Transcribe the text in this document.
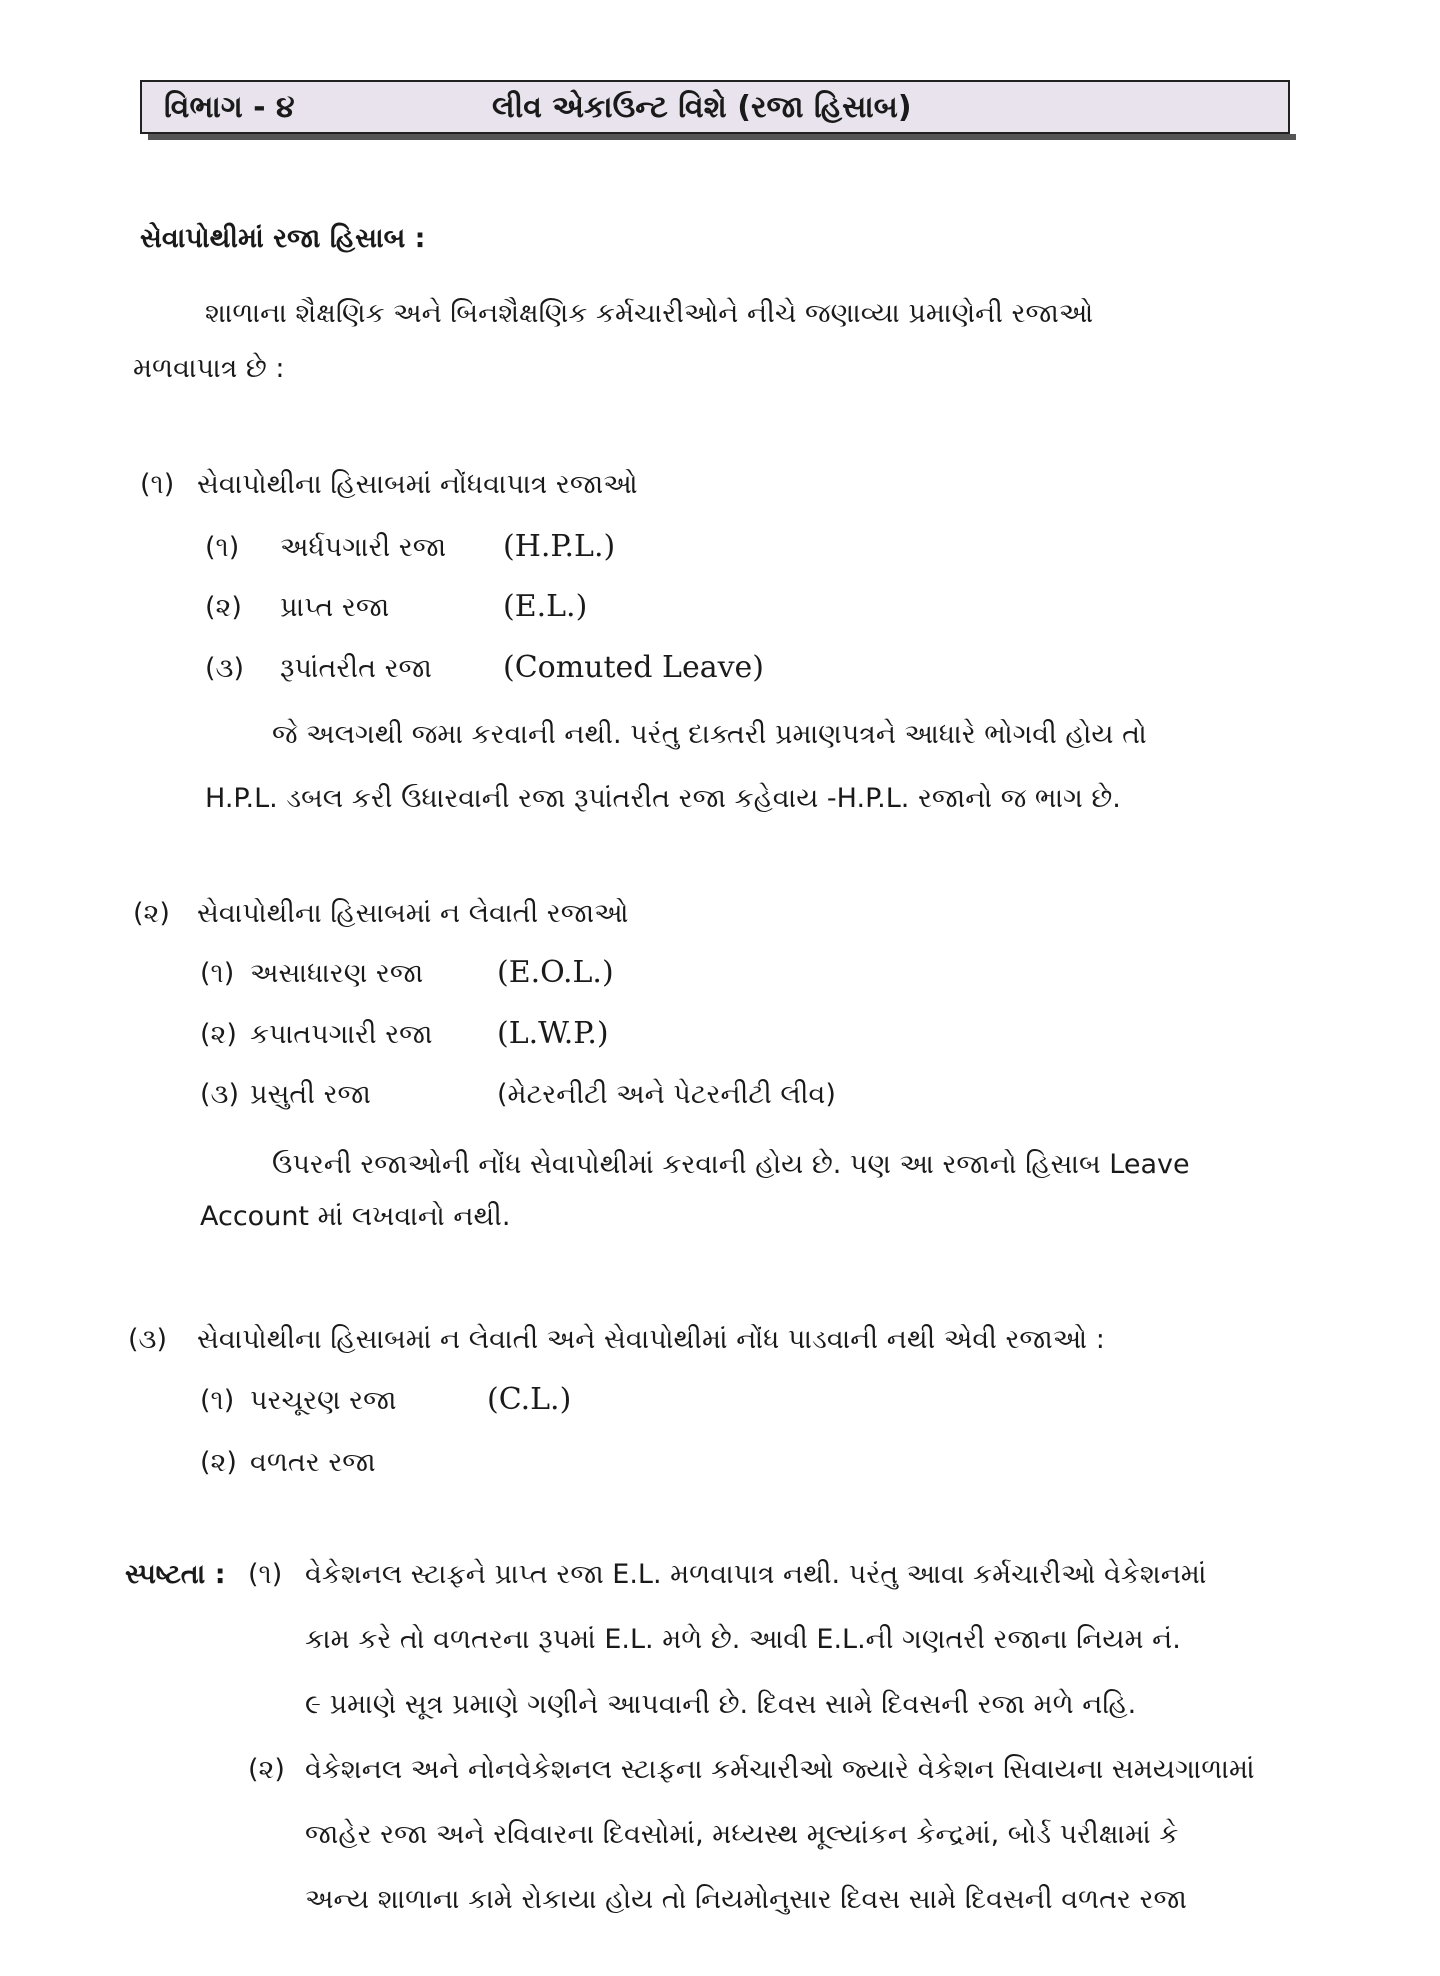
વિભાગ - ૪	લીવ એકાઉન્ટ વિશે (રજા હિસાબ)
સેવાપોથીમાં રજા હિસાબ :
શાળાના શૈક્ષણિક અને બિનશૈક્ષણિક કર્મચારીઓને નીચે જણાવ્યા પ્રમાણેની રજાઓ
મળવાપાત્ર છે :
(૧) સેવાપોથીના હિસાબમાં નોંધવાપાત્ર રજાઓ
(૧) અર્ધપગારી રજા (H.P.L.)
(૨) પ્રાપ્ત રજા	(E.L.)
(૩) રૂપાંતરીત રજા (Comuted Leave)
જે અલગથી જમા કરવાની નથી. પરંતુ દાક્તરી પ્રમાણપત્રને આધારે ભોગવી હોય તો
H.P.L. ડબલ કરી ઉધારવાની રજા રૂપાંતરીત રજા કહેવાય -H.P.L. રજાનો જ ભાગ છે.
(૨) સેવાપોથીના હિસાબમાં ન લેવાતી રજાઓ
(૧) અસાધારણ રજા (E.O.L.)
(૨) કપાતપગારી રજા (L.W.P.)
(૩) પ્રસુતી રજા	(મેટરનીટી અને પેટરનીટી લીવ)
ઉપરની રજાઓની નોંધ સેવાપોથીમાં કરવાની હોય છે. પણ આ રજાનો હિસાબ Leave
Account માં લખવાનો નથી.
(૩) સેવાપોથીના હિસાબમાં ન લેવાતી અને સેવાપોથીમાં નોંધ પાડવાની નથી એવી રજાઓ :
(૧) પરચૂરણ રજા	(C.L.)
(૨) વળતર રજા
સ્પષ્ટતા : (૧) વેકેશનલ સ્ટાફને પ્રાપ્ત રજા E.L. મળવાપાત્ર નથી. પરંતુ આવા કર્મચારીઓ વેકેશનમાં
કામ કરે તો વળતરના રૂપમાં E.L. મળે છે. આવી E.L.ની ગણતરી રજાના નિયમ નં.
૯ પ્રમાણે સૂત્ર પ્રમાણે ગણીને આપવાની છે. દિવસ સામે દિવસની રજા મળે નહિ.
(૨) વેકેશનલ અને નોનવેકેશનલ સ્ટાફના કર્મચારીઓ જ્યારે વેકેશન સિવાયના સમયગાળામાં
જાહેર રજા અને રવિવારના દિવસોમાં, મધ્યસ્થ મૂલ્યાંકન કેન્દ્રમાં, બોર્ડ પરીક્ષામાં કે
અન્ય શાળાના કામે રોકાયા હોય તો નિયમોનુસાર દિવસ સામે દિવસની વળતર રજા
